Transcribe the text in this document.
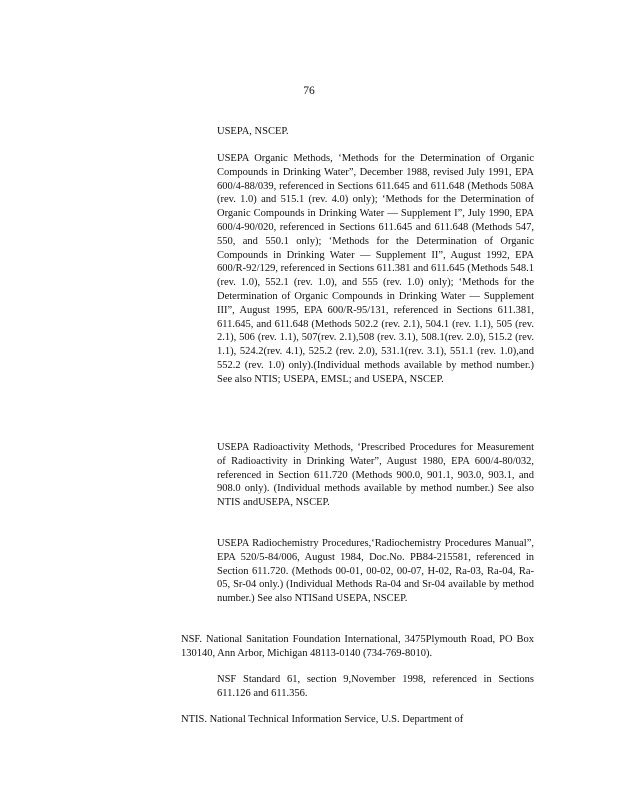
76

USEPA, NSCEP.

USEPA Organic Methods, ‘Methods for the Determination of Organic Compounds in Drinking Water”, December 1988, revised July 1991, EPA 600/4-88/039, referenced in Sections 611.645 and 611.648 (Methods 508A (rev. 1.0) and 515.1 (rev. 4.0) only); ‘Methods for the Determination of Organic Compounds in Drinking Water — Supplement I”, July 1990, EPA 600/4-90/020, referenced in Sections 611.645 and 611.648 (Methods 547, 550, and 550.1 only); ‘Methods for the Determination of Organic Compounds in Drinking Water — Supplement II”, August 1992, EPA 600/R-92/129, referenced in Sections 611.381 and 611.645 (Methods 548.1 (rev. 1.0), 552.1 (rev. 1.0), and 555 (rev. 1.0) only); ‘Methods for the Determination of Organic Compounds in Drinking Water — Supplement III”, August 1995, EPA 600/R-95/131, referenced in Sections 611.381, 611.645, and 611.648 (Methods 502.2 (rev. 2.1), 504.1 (rev. 1.1), 505 (rev. 2.1), 506 (rev. 1.1), 507(rev. 2.1),508 (rev. 3.1), 508.1(rev. 2.0), 515.2 (rev. 1.1), 524.2(rev. 4.1), 525.2 (rev. 2.0), 531.1(rev. 3.1), 551.1 (rev. 1.0),and 552.2 (rev. 1.0) only).(Individual methods available by method number.) See also NTIS; USEPA, EMSL; and USEPA, NSCEP.

USEPA Radioactivity Methods, ‘Prescribed Procedures for Measurement of Radioactivity in Drinking Water”, August 1980, EPA 600/4-80/032, referenced in Section 611.720 (Methods 900.0, 901.1, 903.0, 903.1, and 908.0 only). (Individual methods available by method number.) See also NTIS andUSEPA, NSCEP.

USEPA Radiochemistry Procedures,‘Radiochemistry Procedures Manual”, EPA 520/5-84/006, August 1984, Doc.No. PB84-215581, referenced in Section 611.720. (Methods 00-01, 00-02, 00-07, H-02, Ra-03, Ra-04, Ra-05, Sr-04 only.) (Individual Methods Ra-04 and Sr-04 available by method number.) See also NTISand USEPA, NSCEP.

NSF. National Sanitation Foundation International, 3475Plymouth Road, PO Box 130140, Ann Arbor, Michigan 48113-0140 (734-769-8010).

NSF Standard 61, section 9,November 1998, referenced in Sections 611.126 and 611.356.

NTIS. National Technical Information Service, U.S. Department of
